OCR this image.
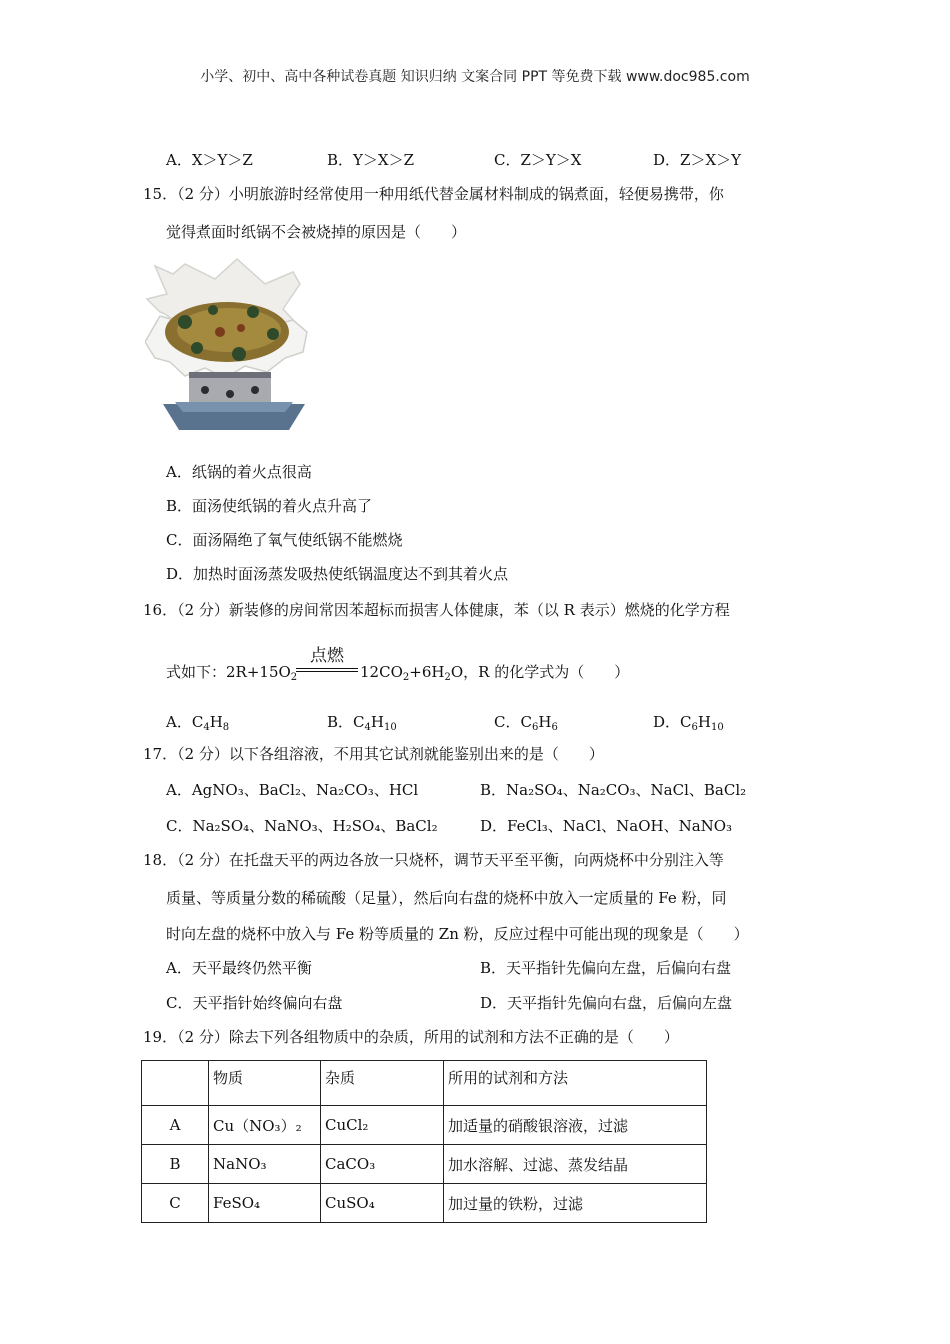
小学、初中、高中各种试卷真题 知识归纳 文案合同 PPT 等免费下载 www.doc985.com
A．X＞Y＞Z	B．Y＞X＞Z	C．Z＞Y＞X	D．Z＞X＞Y
15．（2 分）小明旅游时经常使用一种用纸代替金属材料制成的锅煮面，轻便易携带，你
觉得煮面时纸锅不会被烧掉的原因是（　　）
A．纸锅的着火点很高
B．面汤使纸锅的着火点升高了
C．面汤隔绝了氧气使纸锅不能燃烧
D．加热时面汤蒸发吸热使纸锅温度达不到其着火点
16．（2 分）新装修的房间常因苯超标而损害人体健康，苯（以 R 表示）燃烧的化学方程
式如下：$2R+15O_2$
点燃
$12CO_2+6H_2O$，R 的化学式为（　　）
A．$C_4H_8$	B．$C_4H_{10}$	C．$C_6H_6$	D．$C_6H_{10}$
17．（2 分）以下各组溶液，不用其它试剂就能鉴别出来的是（　　）
A．AgNO₃、BaCl₂、Na₂CO₃、HCl	B．Na₂SO₄、Na₂CO₃、NaCl、BaCl₂
C．Na₂SO₄、NaNO₃、H₂SO₄、BaCl₂	D．FeCl₃、NaCl、NaOH、NaNO₃
18．（2 分）在托盘天平的两边各放一只烧杯，调节天平至平衡，向两烧杯中分别注入等
质量、等质量分数的稀硫酸（足量），然后向右盘的烧杯中放入一定质量的 Fe 粉，同
时向左盘的烧杯中放入与 Fe 粉等质量的 Zn 粉，反应过程中可能出现的现象是（　　）
A．天平最终仍然平衡	B．天平指针先偏向左盘，后偏向右盘
C．天平指针始终偏向右盘	D．天平指针先偏向右盘，后偏向左盘
19．（2 分）除去下列各组物质中的杂质，所用的试剂和方法不正确的是（　　）
	物质	杂质	所用的试剂和方法
A	Cu（NO₃）₂	CuCl₂	加适量的硝酸银溶液，过滤
B	NaNO₃	CaCO₃	加水溶解、过滤、蒸发结晶
C	FeSO₄	CuSO₄	加过量的铁粉，过滤
